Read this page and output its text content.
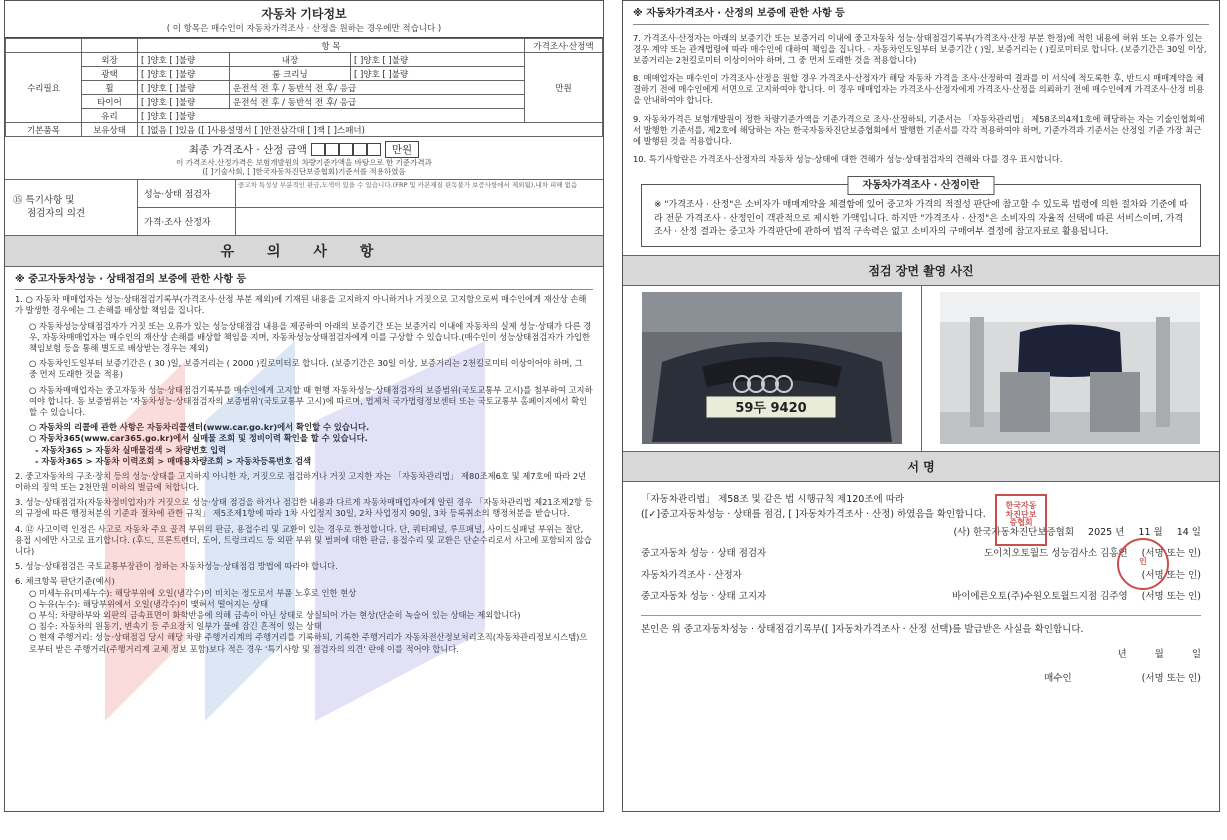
자동차 기타정보
( 이 항목은 매수인이 자동차가격조사 · 산정을 원하는 경우에만 적습니다 )
		항 목			가격조사·산정액
수리필요	외장	[ ]양호 [ ]불량	내장	[ ]양호 [ ]불량	만원
	광택	[ ]양호 [ ]불량	룸 크리닝	[ ]양호 [ ]불량	
	휠	[ ]양호 [ ]불량	운전석 전 후 / 동반석 전 후/ 응급		
	타이어	[ ]양호 [ ]불량	운전석 전 후 / 동반석 전 후/ 응급		
	유리	[ ]양호 [ ]불량			
기본품목	보유상태	[ ]없음 [ ]있음 ([ ]사용설명서 [ ]안전삼각대 [ ]잭 [ ]스패너)			
최종 가격조사 · 산정 금액	만원
이 가격조사.산정가격은 보험개발원의 차량기준가액을 바탕으로 한 기준가격과
([ ]기술사회, [ ]한국자동차진단보증협회)기준서를 적용하였음
⑮ 특기사항 및
점검자의 의견
성능·상태 점검자
중고차 특성상 부분적인 판금,도색이 있을 수 있습니다.(FRP 및 카본재질 판독불가 보증사항에서 제외됨),내차 피해 없음
가격·조사 산정자
유 의 사 항
※ 중고자동차성능 · 상태점검의 보증에 관한 사항 등
1. ○ 자동차 매매업자는 성능·상태점검기록부(가격조사·산정 부분 제외)에 기재된 내용을 고지하지 아니하거나 거짓으로 고지함으로써 매수인에게 재산상 손해가 발생한 경우에는 그 손해를 배상할 책임을 집니다.
○ 자동차성능상태점검자가 거짓 또는 오류가 있는 성능상태점검 내용을 제공하여 아래의 보증기간 또는 보증거리 이내에 자동차의 실제 성능·상태가 다른 경우, 자동차매매업자는 매수인의 재산상 손해를 배상할 책임을 지며, 자동차성능상태점검자에게 이를 구상할 수 있습니다.(매수인이 성능상태점검자가 가입한 책임보험 등을 통해 별도로 배상받는 경우는 제외)
○ 자동차인도일부터 보증기간은 ( 30 )일, 보증거리는 ( 2000 )킬로미터로 합니다. (보증기간은 30일 이상, 보증거리는 2천킬로미터 이상이어야 하며, 그 중 먼저 도래한 것을 적용)
○ 자동차매매업자는 중고자동차 성능·상태점검기록부를 매수인에게 고지할 때 현행 자동차성능·상태점검자의 보증범위(국토교통부 고시)를 첨부하여 고지하여야 합니다. 동 보증범위는 '자동차성능·상태점검자의 보증범위'(국토교통부 고시)에 따르며, 법제처 국가법령정보센터 또는 국토교통부 홈페이지에서 확인할 수 있습니다.
○ 자동차의 리콜에 관한 사항은 자동차리콜센터(www.car.go.kr)에서 확인할 수 있습니다.
○ 자동차365(www.car365.go.kr)에서 실매물 조회 및 정비이력 확인을 할 수 있습니다.
- 자동차365 > 자동차 실매물검색 > 차량번호 입력
- 자동차365 > 자동차 이력조회 > 매매용차량조회 > 자동차등록번호 검색
2. 중고자동차의 구조·장치 등의 성능·상태를 고지하지 아니한 자, 거짓으로 점검하거나 거짓 고지한 자는 「자동차관리법」 제80조제6호 및 제7호에 따라 2년 이하의 징역 또는 2천만원 이하의 벌금에 처합니다.
3. 성능·상태점검자(자동차정비업자)가 거짓으로 성능·상태 점검을 하거나 점검한 내용과 다르게 자동차매매업자에게 알린 경우 「자동차관리법 제21조제2항 등의 규정에 따른 행정처분의 기준과 절차에 관한 규칙」 제5조제1항에 따라 1차 사업정지 30일, 2차 사업정지 90일, 3차 등록취소의 행정처분을 받습니다.
4. ⑫ 사고이력 인정은 사고로 자동차 주요 골격 부위의 판금, 용접수리 및 교환이 있는 경우로 한정합니다. 단, 쿼터패널, 루프패널, 사이드실패널 부위는 절단, 용접 시에만 사고로 표기합니다. (후드, 프론트펜더, 도어, 트렁크리드 등 외판 부위 및 범퍼에 대한 판금, 용접수리 및 교환은 단순수리로서 사고에 포함되지 않습니다)
5. 성능·상태점검은 국토교통부장관이 정하는 자동차성능·상태점검 방법에 따라야 합니다.
6. 체크항목 판단기준(예시)
○ 미세누유(미세누수): 해당부위에 오일(냉각수)이 비치는 정도로서 부품 노후로 인한 현상
○ 누유(누수): 해당부위에서 오일(냉각수)이 맺혀서 떨어지는 상태
○ 부식: 차량하부와 외판의 금속표면이 화학반응에 의해 금속이 아닌 상태로 상실되어 가는 현상(단순히 녹슬어 있는 상태는 제외합니다)
○ 침수: 자동차의 원동기, 변속기 등 주요장치 일부가 물에 잠긴 흔적이 있는 상태
○ 현재 주행거리: 성능·상태점검 당시 해당 차량 주행거리계의 주행거리를 기록하되, 기록한 주행거리가 자동차전산정보처리조직(자동차관리정보시스템)으로부터 받은 주행거리(주행거리계 교체 정보 포함)보다 적은 경우 '특기사항 및 점검자의 의견' 란에 이를 적어야 합니다.
※ 자동차가격조사 · 산정의 보증에 관한 사항 등
7. 가격조사·산정자는 아래의 보증기간 또는 보증거리 이내에 중고자동차 성능·상태점검기록부(가격조사·산정 부분 한정)에 적힌 내용에 허위 또는 오류가 있는 경우 계약 또는 관계법령에 따라 매수인에 대하여 책임을 집니다. · 자동차인도일부터 보증기간 ( )일, 보증거리는 ( )킬로미터로 합니다. (보증기간은 30일 이상, 보증거리는 2천킬로미터 이상이어야 하며, 그 중 먼저 도래한 것을 적용합니다)
8. 매매업자는 매수인이 가격조사·산정을 원할 경우 가격조사·산정자가 해당 자동차 가격을 조사·산정하여 결과를 이 서식에 적도록한 후, 반드시 매매계약을 체결하기 전에 매수인에게 서면으로 고지하여야 합니다. 이 경우 매매업자는 가격조사·산정자에게 가격조사·산정을 의뢰하기 전에 매수인에게 가격조사·산정 비용을 안내하여야 합니다.
9. 자동차가격은 보험개발원이 정한 차량기준가액을 기준가격으로 조사·산정하되, 기준서는 「자동차관리법」 제58조의4제1호에 해당하는 자는 기술인협회에서 발행한 기준서를, 제2호에 해당하는 자는 한국자동차진단보증협회에서 발행한 기준서를 각각 적용하여야 하며, 기준가격과 기준서는 산정일 기준 가장 최근에 발행된 것을 적용합니다.
10. 특기사항란은 가격조사·산정자의 자동차 성능·상태에 대한 견해가 성능·상태점검자의 견해와 다를 경우 표시합니다.
자동차가격조사 · 산정이란
※ "가격조사 · 산정"은 소비자가 매매계약을 체결함에 있어 중고차 가격의 적절성 판단에 참고할 수 있도록 법령에 의한 절차와 기준에 따라 전문 가격조사 · 산정인이 객관적으로 제시한 가액입니다. 하지만 "가격조사 · 산정"은 소비자의 자율적 선택에 따른 서비스이며, 가격조사 · 산정 결과는 중고차 가격판단에 관하여 법적 구속력은 없고 소비자의 구매여부 결정에 참고자료로 활용됩니다.
점검 장면 촬영 사진
59두 9420
서 명
「자동차관리법」 제58조 및 같은 법 시행규칙 제120조에 따라
([✓]중고자동차성능 · 상태를 점검, [ ]자동차가격조사 · 산정) 하였음을 확인합니다.
(사) 한국자동차진단보증협회 2025 년 11 월 14 일
중고자동차 성능 · 상태 점검자	도이치오토월드 성능검사소 김홍연	(서명 또는 인)
자동차가격조사 · 산정자	(서명 또는 인)
중고자동차 성능 · 상태 고지자	바이에른오토(주)수원오토월드지점 김주영	(서명 또는 인)
본인은 위 중고자동차성능 · 상태점검기록부([ ]자동차가격조사 · 산정 선택)를 발급받은 사실을 확인합니다.
년	월	일
매수인	(서명 또는 인)
한국자동
차진단보
증협회
인
